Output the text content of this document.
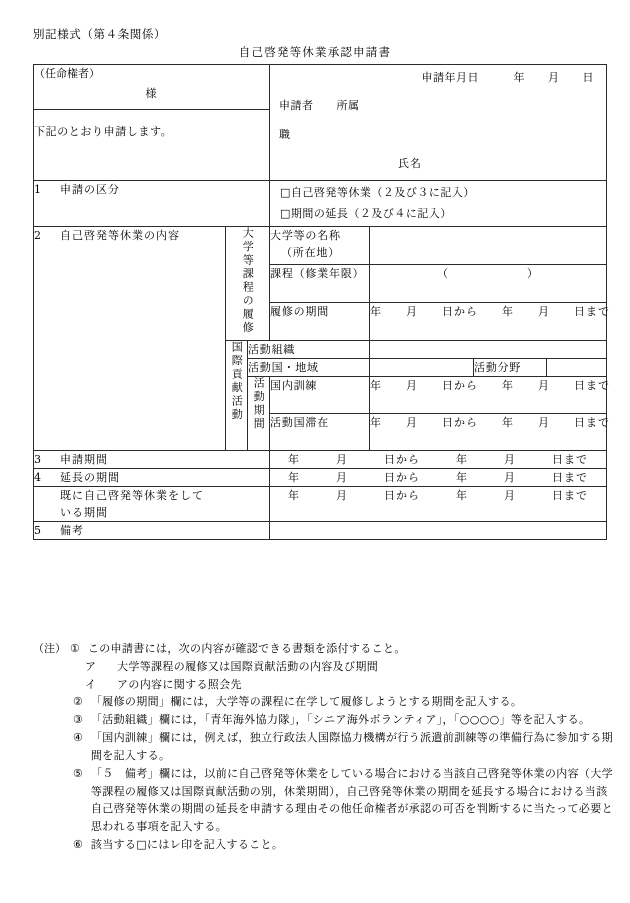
別記様式（第４条関係）
自己啓発等休業承認申請書
（任命権者）
様

申請年月日　　　年　　月　　日
申請者　　所属
職
氏名

下記のとおり申請します。						

1 申請の区分			□自己啓発等休業（２及び３に記入）
□期間の延長（２及び４に記入）			

2 自己啓発等休業の内容	大学等課程の履修		大学等の名称
（所在地）			

			課程（修業年限）	（ ）		
			履修の期間	年　　月　　日から　　年　　月　　日まで		
	国際貢献活動	活動組織				
		活動国・地域			活動分野	
		活動期間	国内訓練	年　　月　　日から　　年　　月　　日まで		
			活動国滞在	年　　月　　日から　　年　　月　　日まで		
3 申請期間			年　　　月　　　日から　　　年　　　月　　　日まで			
4 延長の期間			年　　　月　　　日から　　　年　　　月　　　日まで			
既に自己啓発等休業をして
いる期間			年　　　月　　　日から　　　年　　　月　　　日まで			
5 備考						
（注） ① この申請書には，次の内容が確認できる書類を添付すること。
ア	大学等課程の履修又は国際貢献活動の内容及び期間
イ	アの内容に関する照会先
② 「履修の期間」欄には，大学等の課程に在学して履修しようとする期間を記入する。
③ 「活動組織」欄には，「青年海外協力隊」，「シニア海外ボランティア」，「○○○○」等を記入する。
④ 「国内訓練」欄には，例えば，独立行政法人国際協力機構が行う派遣前訓練等の準備行為に参加する期間を記入する。
⑤ 「５　備考」欄には，以前に自己啓発等休業をしている場合における当該自己啓発等休業の内容（大学等課程の履修又は国際貢献活動の別，休業期間），自己啓発等休業の期間を延長する場合における当該自己啓発等休業の期間の延長を申請する理由その他任命権者が承認の可否を判断するに当たって必要と思われる事項を記入する。
⑥ 該当する□にはレ印を記入すること。
